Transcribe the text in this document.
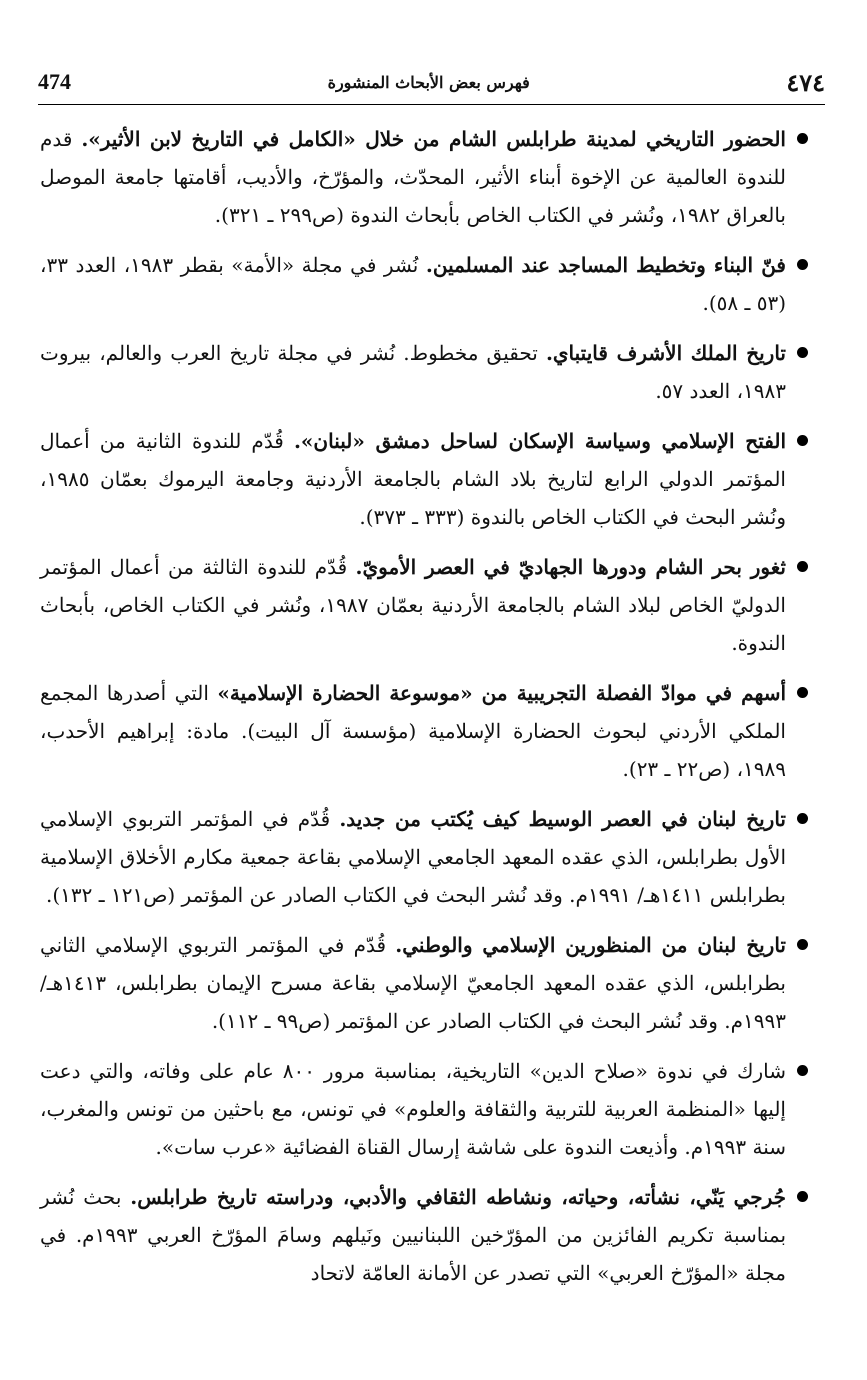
٤٧٤
فهرس بعض الأبحاث المنشورة
474
الحضور التاريخي لمدينة طرابلس الشام من خلال «الكامل في التاريخ لابن الأثير». قدم للندوة العالمية عن الإخوة أبناء الأثير، المحدّث، والمؤرّخ، والأديب، أقامتها جامعة الموصل بالعراق ١٩٨٢، ونُشر في الكتاب الخاص بأبحاث الندوة (ص٢٩٩ ـ ٣٢١).
فنّ البناء وتخطيط المساجد عند المسلمين. نُشر في مجلة «الأمة» بقطر ١٩٨٣، العدد ٣٣، (٥٣ ـ ٥٨).
تاريخ الملك الأشرف قايتباي. تحقيق مخطوط. نُشر في مجلة تاريخ العرب والعالم، بيروت ١٩٨٣، العدد ٥٧.
الفتح الإسلامي وسياسة الإسكان لساحل دمشق «لبنان». قُدّم للندوة الثانية من أعمال المؤتمر الدولي الرابع لتاريخ بلاد الشام بالجامعة الأردنية وجامعة اليرموك بعمّان ١٩٨٥، ونُشر البحث في الكتاب الخاص بالندوة (٣٣٣ ـ ٣٧٣).
ثغور بحر الشام ودورها الجهاديّ في العصر الأمويّ. قُدّم للندوة الثالثة من أعمال المؤتمر الدوليّ الخاص لبلاد الشام بالجامعة الأردنية بعمّان ١٩٨٧، ونُشر في الكتاب الخاص، بأبحاث الندوة.
أسهم في موادّ الفصلة التجريبية من «موسوعة الحضارة الإسلامية» التي أصدرها المجمع الملكي الأردني لبحوث الحضارة الإسلامية (مؤسسة آل البيت). مادة: إبراهيم الأحدب، ١٩٨٩، (ص٢٢ ـ ٢٣).
تاريخ لبنان في العصر الوسيط كيف يُكتب من جديد. قُدّم في المؤتمر التربوي الإسلامي الأول بطرابلس، الذي عقده المعهد الجامعي الإسلامي بقاعة جمعية مكارم الأخلاق الإسلامية بطرابلس ١٤١١هـ/ ١٩٩١م. وقد نُشر البحث في الكتاب الصادر عن المؤتمر (ص١٢١ ـ ١٣٢).
تاريخ لبنان من المنظورين الإسلامي والوطني. قُدّم في المؤتمر التربوي الإسلامي الثاني بطرابلس، الذي عقده المعهد الجامعيّ الإسلامي بقاعة مسرح الإيمان بطرابلس، ١٤١٣هـ/ ١٩٩٣م. وقد نُشر البحث في الكتاب الصادر عن المؤتمر (ص٩٩ ـ ١١٢).
شارك في ندوة «صلاح الدين» التاريخية، بمناسبة مرور ٨٠٠ عام على وفاته، والتي دعت إليها «المنظمة العربية للتربية والثقافة والعلوم» في تونس، مع باحثين من تونس والمغرب، سنة ١٩٩٣م. وأذيعت الندوة على شاشة إرسال القناة الفضائية «عرب سات».
جُرجي يَنّي، نشأته، وحياته، ونشاطه الثقافي والأدبي، ودراسته تاريخ طرابلس. بحث نُشر بمناسبة تكريم الفائزين من المؤرّخين اللبنانيين ونَيلهم وسامَ المؤرّخ العربي ١٩٩٣م. في مجلة «المؤرّخ العربي» التي تصدر عن الأمانة العامّة لاتحاد
